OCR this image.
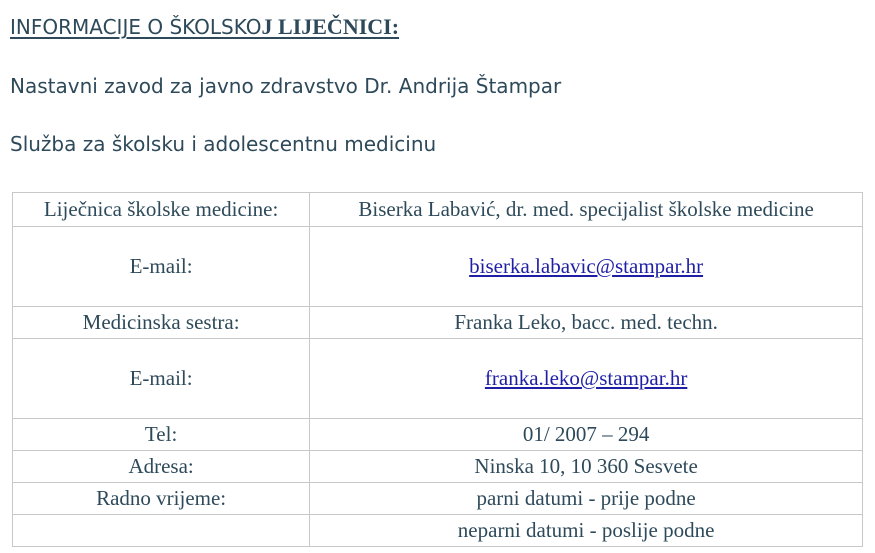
INFORMACIJE O ŠKOLSKOJ LIJEČNICI:
Nastavni zavod za javno zdravstvo Dr. Andrija Štampar
Služba za školsku i adolescentnu medicinu
Liječnica školske medicine:	Biserka Labavić, dr. med. specijalist školske medicine
E-mail:	biserka.labavic@stampar.hr
Medicinska sestra:	Franka Leko, bacc. med. techn.
E-mail:	franka.leko@stampar.hr
Tel:	01/ 2007 – 294
Adresa:	Ninska 10, 10 360 Sesvete
Radno vrijeme:	parni datumi - prije podne
	neparni datumi - poslije podne
